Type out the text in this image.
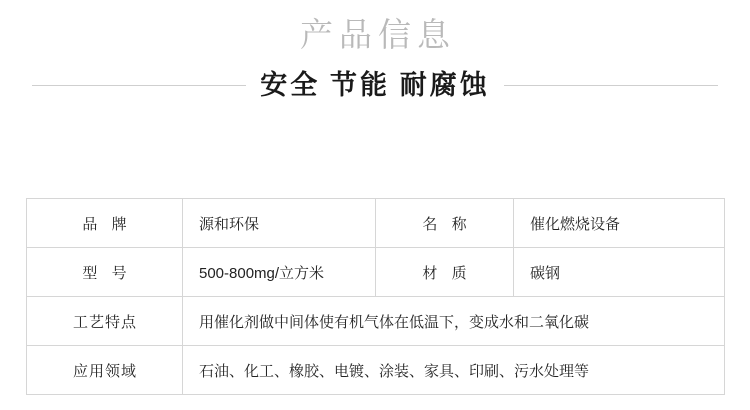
产品信息
安全 节能 耐腐蚀
品 牌	源和环保	名 称	催化燃烧设备
型 号	500-800mg/立方米	材 质	碳钢
工艺特点	用催化剂做中间体使有机气体在低温下，变成水和二氧化碳		
应用领域	石油、化工、橡胶、电镀、涂装、家具、印刷、污水处理等		
